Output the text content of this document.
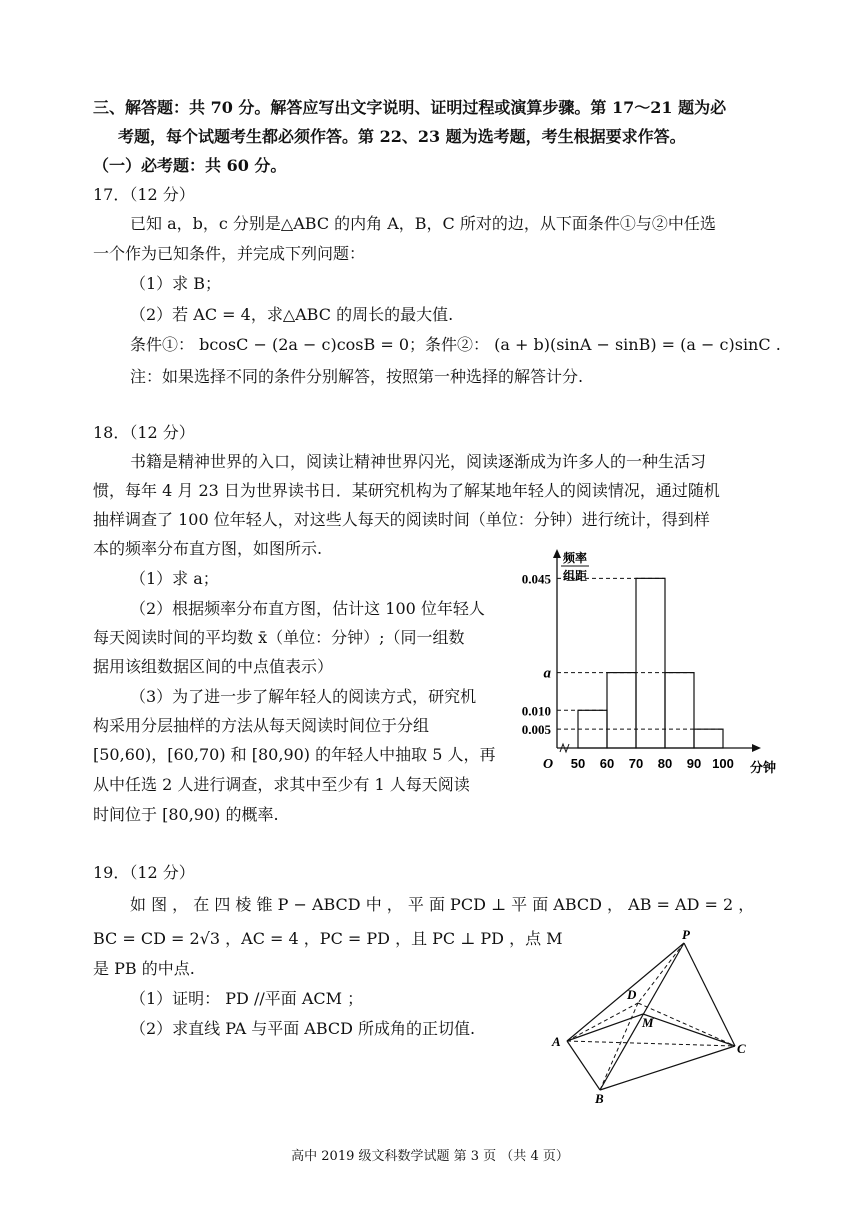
三、解答题：共 70 分。解答应写出文字说明、证明过程或演算步骤。第 17～21 题为必
考题，每个试题考生都必须作答。第 22、23 题为选考题，考生根据要求作答。
（一）必考题：共 60 分。
17．（12 分）
已知 a，b，c 分别是△ABC 的内角 A，B，C 所对的边，从下面条件①与②中任选
一个作为已知条件，并完成下列问题：
（1）求 B；
（2）若 AC = 4，求△ABC 的周长的最大值.
条件①： bcosC − (2a − c)cosB = 0；条件②： (a + b)(sinA − sinB) = (a − c)sinC .
注：如果选择不同的条件分别解答，按照第一种选择的解答计分.
18．（12 分）
书籍是精神世界的入口，阅读让精神世界闪光，阅读逐渐成为许多人的一种生活习
惯，每年 4 月 23 日为世界读书日．某研究机构为了解某地年轻人的阅读情况，通过随机
抽样调查了 100 位年轻人，对这些人每天的阅读时间（单位：分钟）进行统计，得到样
本的频率分布直方图，如图所示.
（1）求 a；
（2）根据频率分布直方图，估计这 100 位年轻人
每天阅读时间的平均数 x̄（单位：分钟）;（同一组数
据用该组数据区间的中点值表示）
（3）为了进一步了解年轻人的阅读方式，研究机
构采用分层抽样的方法从每天阅读时间位于分组
[50,60)，[60,70) 和 [80,90) 的年轻人中抽取 5 人，再
从中任选 2 人进行调查，求其中至少有 1 人每天阅读
时间位于 [80,90) 的概率.
0.045
a
0.010
0.005
50 60 70 80 90 100
O	分钟
频率
组距
19．（12 分）
如 图 ， 在 四 棱 锥 P − ABCD 中 ， 平 面 PCD ⊥ 平 面 ABCD ， AB = AD = 2 ，
BC = CD = 2√3 ，AC = 4 ，PC = PD ，且 PC ⊥ PD ，点 M
是 PB 的中点.
（1）证明： PD //平面 ACM ；
（2）求直线 PA 与平面 ABCD 所成角的正切值.
P
D
M
A
B
C
高中 2019 级文科数学试题 第 3 页 （共 4 页）
